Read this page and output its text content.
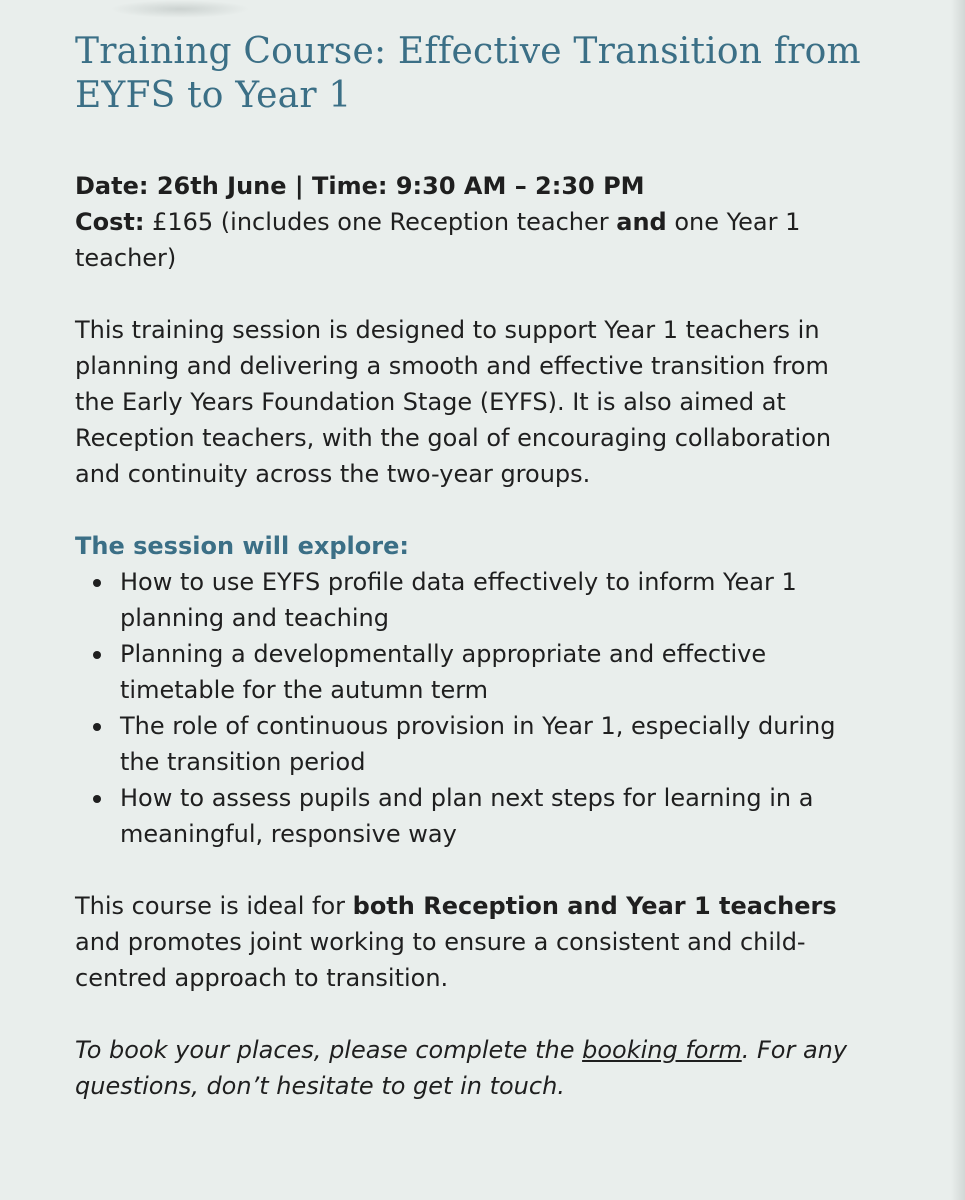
Training Course: Effective Transition from EYFS to Year 1

Date: 26th June | Time: 9:30 AM – 2:30 PM
Cost: £165 (includes one Reception teacher and one Year 1 teacher)

This training session is designed to support Year 1 teachers in planning and delivering a smooth and effective transition from the Early Years Foundation Stage (EYFS). It is also aimed at Reception teachers, with the goal of encouraging collaboration and continuity across the two-year groups.

The session will explore:
How to use EYFS profile data effectively to inform Year 1 planning and teaching
Planning a developmentally appropriate and effective timetable for the autumn term
The role of continuous provision in Year 1, especially during the transition period
How to assess pupils and plan next steps for learning in a meaningful, responsive way

This course is ideal for both Reception and Year 1 teachers and promotes joint working to ensure a consistent and child-centred approach to transition.

To book your places, please complete the booking form. For any questions, don’t hesitate to get in touch.
